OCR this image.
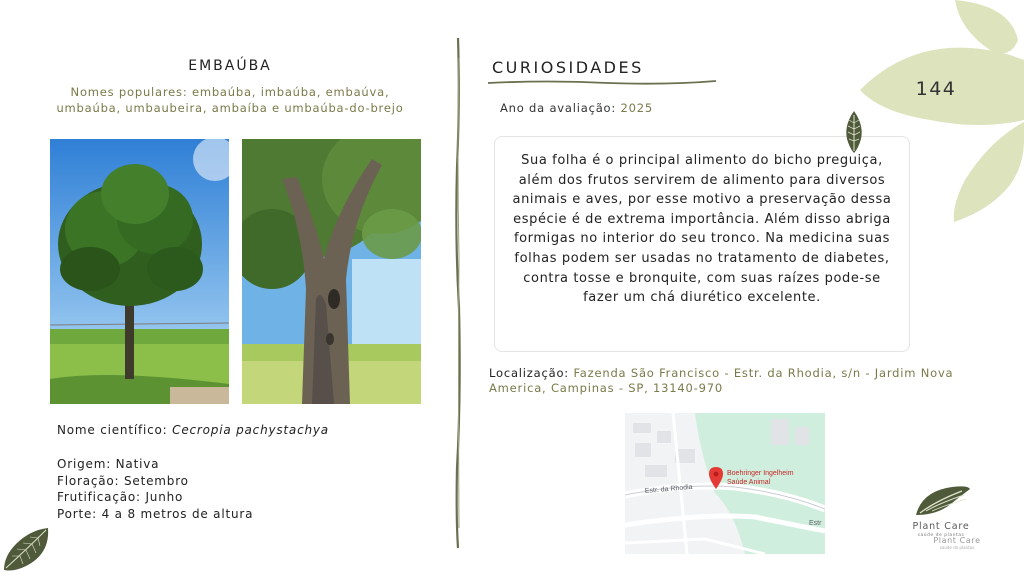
EMBAÚBA
Nomes populares: embaúba, imbaúba, embaúva, umbaúba, umbaubeira, ambaíba e umbaúba-do-brejo
Nome científico: Cecropia pachystachya
Origem: Nativa
Floração: Setembro
Frutificação: Junho
Porte: 4 a 8 metros de altura
CURIOSIDADES
Ano da avaliação: 2025
Sua folha é o principal alimento do bicho preguiça, além dos frutos servirem de alimento para diversos animais e aves, por esse motivo a preservação dessa espécie é de extrema importância. Além disso abriga formigas no interior do seu tronco. Na medicina suas folhas podem ser usadas no tratamento de diabetes, contra tosse e bronquite, com suas raízes pode-se fazer um chá diurético excelente.
Localização: Fazenda São Francisco - Estr. da Rhodia, s/n - Jardim Nova America, Campinas - SP, 13140-970
Estr. da Rhodia
Estr
Boehringer Ingelheim
Saúde Animal
144
Plant Care
saúde de plantas
Plant Care
saúde de plantas
